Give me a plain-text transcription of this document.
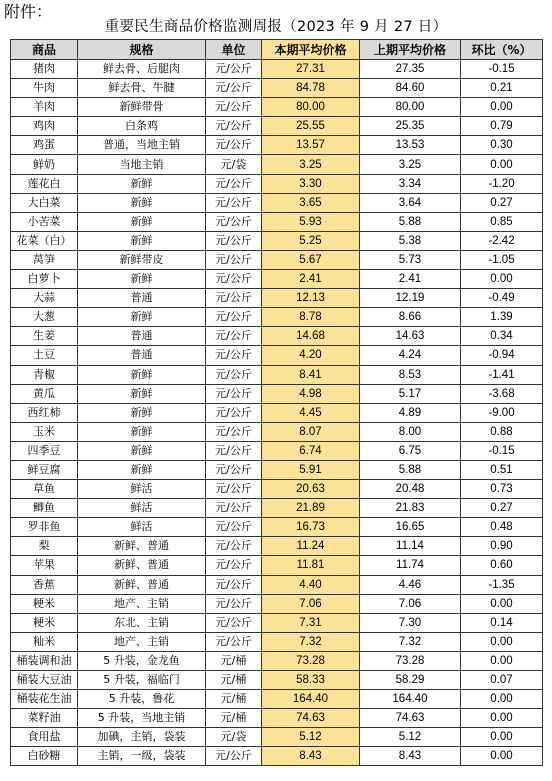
附件：
重要民生商品价格监测周报（2023 年 9 月 27 日）
商品	规格	单位	本期平均价格	上期平均价格	环比（%）
猪肉	鲜去骨、后腿肉	元/公斤	27.31	27.35	-0.15
牛肉	鲜去骨、牛腱	元/公斤	84.78	84.60	0.21
羊肉	新鲜带骨	元/公斤	80.00	80.00	0.00
鸡肉	白条鸡	元/公斤	25.55	25.35	0.79
鸡蛋	普通，当地主销	元/公斤	13.57	13.53	0.30
鲜奶	当地主销	元/袋	3.25	3.25	0.00
莲花白	新鲜	元/公斤	3.30	3.34	-1.20
大白菜	新鲜	元/公斤	3.65	3.64	0.27
小苦菜	新鲜	元/公斤	5.93	5.88	0.85
花菜（白）	新鲜	元/公斤	5.25	5.38	-2.42
莴笋	新鲜带皮	元/公斤	5.67	5.73	-1.05
白萝卜	新鲜	元/公斤	2.41	2.41	0.00
大蒜	普通	元/公斤	12.13	12.19	-0.49
大葱	新鲜	元/公斤	8.78	8.66	1.39
生姜	普通	元/公斤	14.68	14.63	0.34
土豆	普通	元/公斤	4.20	4.24	-0.94
青椒	新鲜	元/公斤	8.41	8.53	-1.41
黄瓜	新鲜	元/公斤	4.98	5.17	-3.68
西红柿	新鲜	元/公斤	4.45	4.89	-9.00
玉米	新鲜	元/公斤	8.07	8.00	0.88
四季豆	新鲜	元/公斤	6.74	6.75	-0.15
鲜豆腐	新鲜	元/公斤	5.91	5.88	0.51
草鱼	鲜活	元/公斤	20.63	20.48	0.73
鲫鱼	鲜活	元/公斤	21.89	21.83	0.27
罗非鱼	鲜活	元/公斤	16.73	16.65	0.48
梨	新鲜、普通	元/公斤	11.24	11.14	0.90
苹果	新鲜、普通	元/公斤	11.81	11.74	0.60
香蕉	新鲜、普通	元/公斤	4.40	4.46	-1.35
粳米	地产、主销	元/公斤	7.06	7.06	0.00
粳米	东北、主销	元/公斤	7.31	7.30	0.14
籼米	地产、主销	元/公斤	7.32	7.32	0.00
桶装调和油	5 升装，金龙鱼	元/桶	73.28	73.28	0.00
桶装大豆油	5 升装，福临门	元/桶	58.33	58.29	0.07
桶装花生油	5 升装，鲁花	元/桶	164.40	164.40	0.00
菜籽油	5 升装，当地主销	元/桶	74.63	74.63	0.00
食用盐	加碘，主销，袋装	元/袋	5.12	5.12	0.00
白砂糖	主销，一级，袋装	元/公斤	8.43	8.43	0.00
